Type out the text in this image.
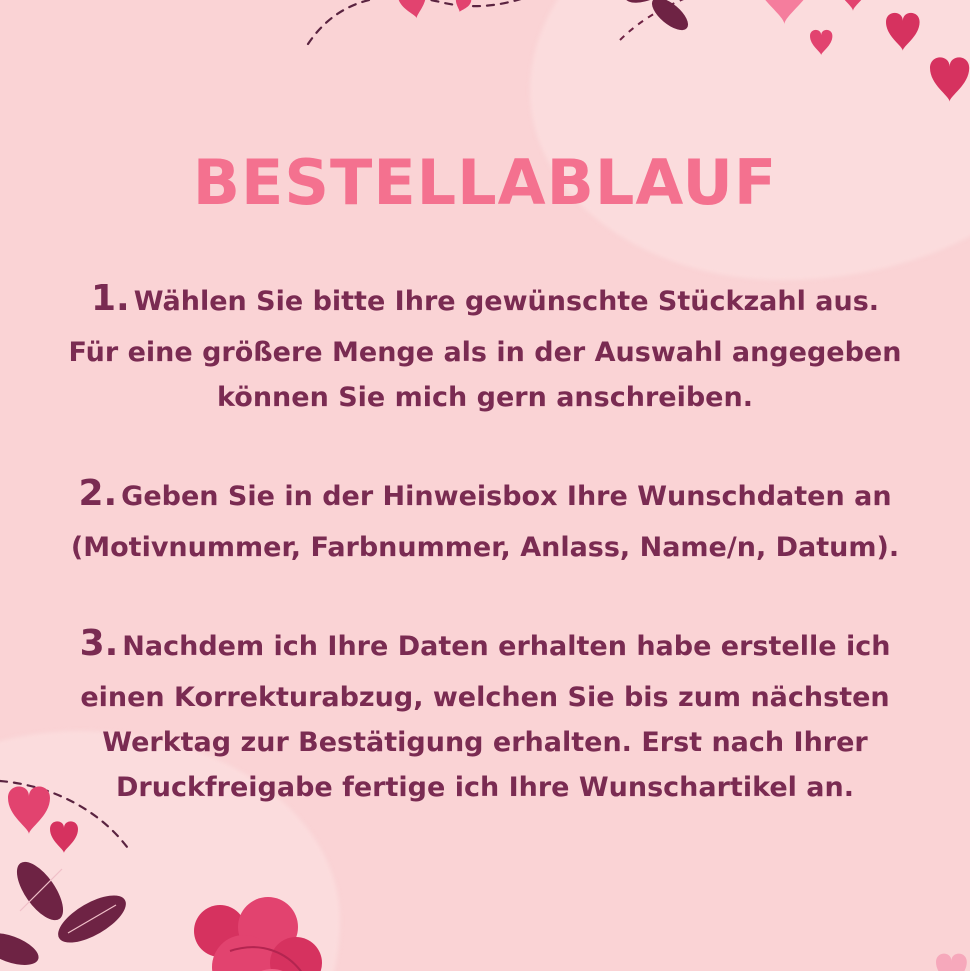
BESTELLABLAUF

1. Wählen Sie bitte Ihre gewünschte Stückzahl aus. Für eine größere Menge als in der Auswahl angegeben können Sie mich gern anschreiben.

2. Geben Sie in der Hinweisbox Ihre Wunschdaten an (Motivnummer, Farbnummer, Anlass, Name/n, Datum).

3. Nachdem ich Ihre Daten erhalten habe erstelle ich einen Korrekturabzug, welchen Sie bis zum nächsten Werktag zur Bestätigung erhalten. Erst nach Ihrer Druckfreigabe fertige ich Ihre Wunschartikel an.
